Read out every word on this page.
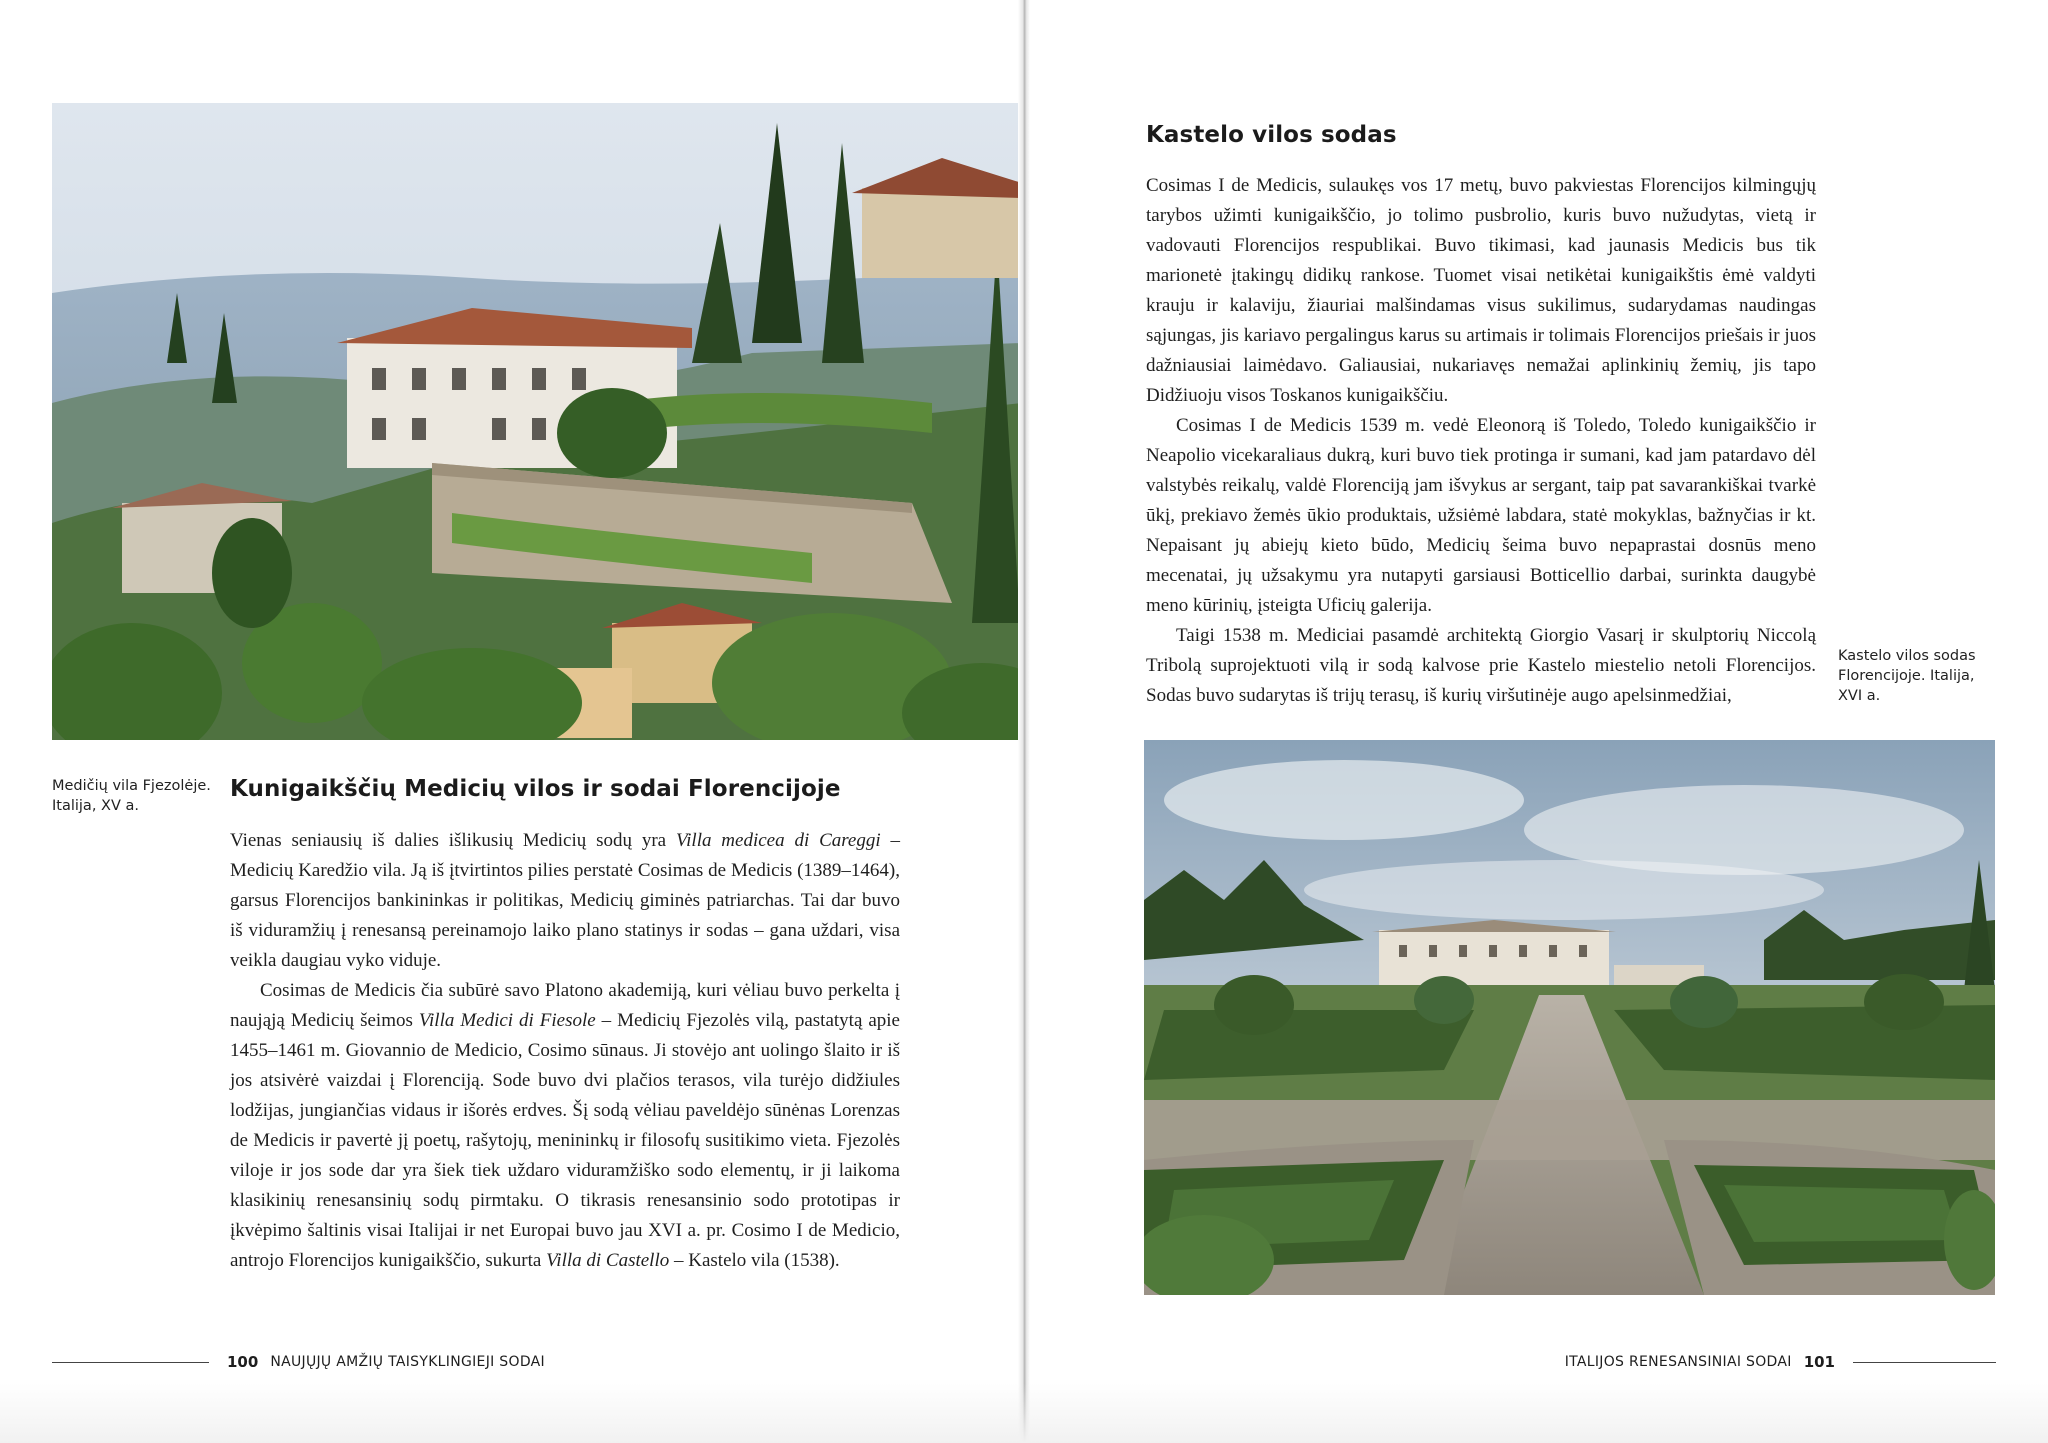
Medičių vila Fjezolėje. Italija, XV a.

Kunigaikščių Medicių vilos ir sodai Florencijoje

Vienas seniausių iš dalies išlikusių Medicių sodų yra Villa medicea di Careggi – Medicių Karedžio vila. Ją iš įtvirtintos pilies perstatė Cosimas de Medicis (1389–1464), garsus Florencijos bankininkas ir politikas, Medicių giminės patriarchas. Tai dar buvo iš viduramžių į renesansą pereinamojo laiko plano statinys ir sodas – gana uždari, visa veikla daugiau vyko viduje.

Cosimas de Medicis čia subūrė savo Platono akademiją, kuri vėliau buvo perkelta į naująją Medicių šeimos Villa Medici di Fiesole – Medicių Fjezolės vilą, pastatytą apie 1455–1461 m. Giovannio de Medicio, Cosimo sūnaus. Ji stovėjo ant uolingo šlaito ir iš jos atsivėrė vaizdai į Florenciją. Sode buvo dvi plačios terasos, vila turėjo didžiules lodžijas, jungiančias vidaus ir išorės erdves. Šį sodą vėliau paveldėjo sūnėnas Lorenzas de Medicis ir pavertė jį poetų, rašytojų, menininkų ir filosofų susitikimo vieta. Fjezolės viloje ir jos sode dar yra šiek tiek uždaro viduramžiško sodo elementų, ir ji laikoma klasikinių renesansinių sodų pirmtaku. O tikrasis renesansinio sodo prototipas ir įkvėpimo šaltinis visai Italijai ir net Europai buvo jau XVI a. pr. Cosimo I de Medicio, antrojo Florencijos kunigaikščio, sukurta Villa di Castello – Kastelo vila (1538).

100 NAUJŲJŲ AMŽIŲ TAISYKLINGIEJI SODAI
Kastelo vilos sodas

Cosimas I de Medicis, sulaukęs vos 17 metų, buvo pakviestas Florencijos kilmingųjų tarybos užimti kunigaikščio, jo tolimo pusbrolio, kuris buvo nužudytas, vietą ir vadovauti Florencijos respublikai. Buvo tikimasi, kad jaunasis Medicis bus tik marionetė įtakingų didikų rankose. Tuomet visai netikėtai kunigaikštis ėmė valdyti krauju ir kalaviju, žiauriai malšindamas visus sukilimus, sudarydamas naudingas sąjungas, jis kariavo pergalingus karus su artimais ir tolimais Florencijos priešais ir juos dažniausiai laimėdavo. Galiausiai, nukariavęs nemažai aplinkinių žemių, jis tapo Didžiuoju visos Toskanos kunigaikščiu.

Cosimas I de Medicis 1539 m. vedė Eleonorą iš Toledo, Toledo kunigaikščio ir Neapolio vicekaraliaus dukrą, kuri buvo tiek protinga ir sumani, kad jam patardavo dėl valstybės reikalų, valdė Florenciją jam išvykus ar sergant, taip pat savarankiškai tvarkė ūkį, prekiavo žemės ūkio produktais, užsiėmė labdara, statė mokyklas, bažnyčias ir kt. Nepaisant jų abiejų kieto būdo, Medicių šeima buvo nepaprastai dosnūs meno mecenatai, jų užsakymu yra nutapyti garsiausi Botticellio darbai, surinkta daugybė meno kūrinių, įsteigta Uficių galerija.

Taigi 1538 m. Mediciai pasamdė architektą Giorgio Vasarį ir skulptorių Niccolą Tribolą suprojektuoti vilą ir sodą kalvose prie Kastelo miestelio netoli Florencijos. Sodas buvo sudarytas iš trijų terasų, iš kurių viršutinėje augo apelsinmedžiai,

Kastelo vilos sodas Florencijoje. Italija, XVI a.

ITALIJOS RENESANSINIAI SODAI 101
